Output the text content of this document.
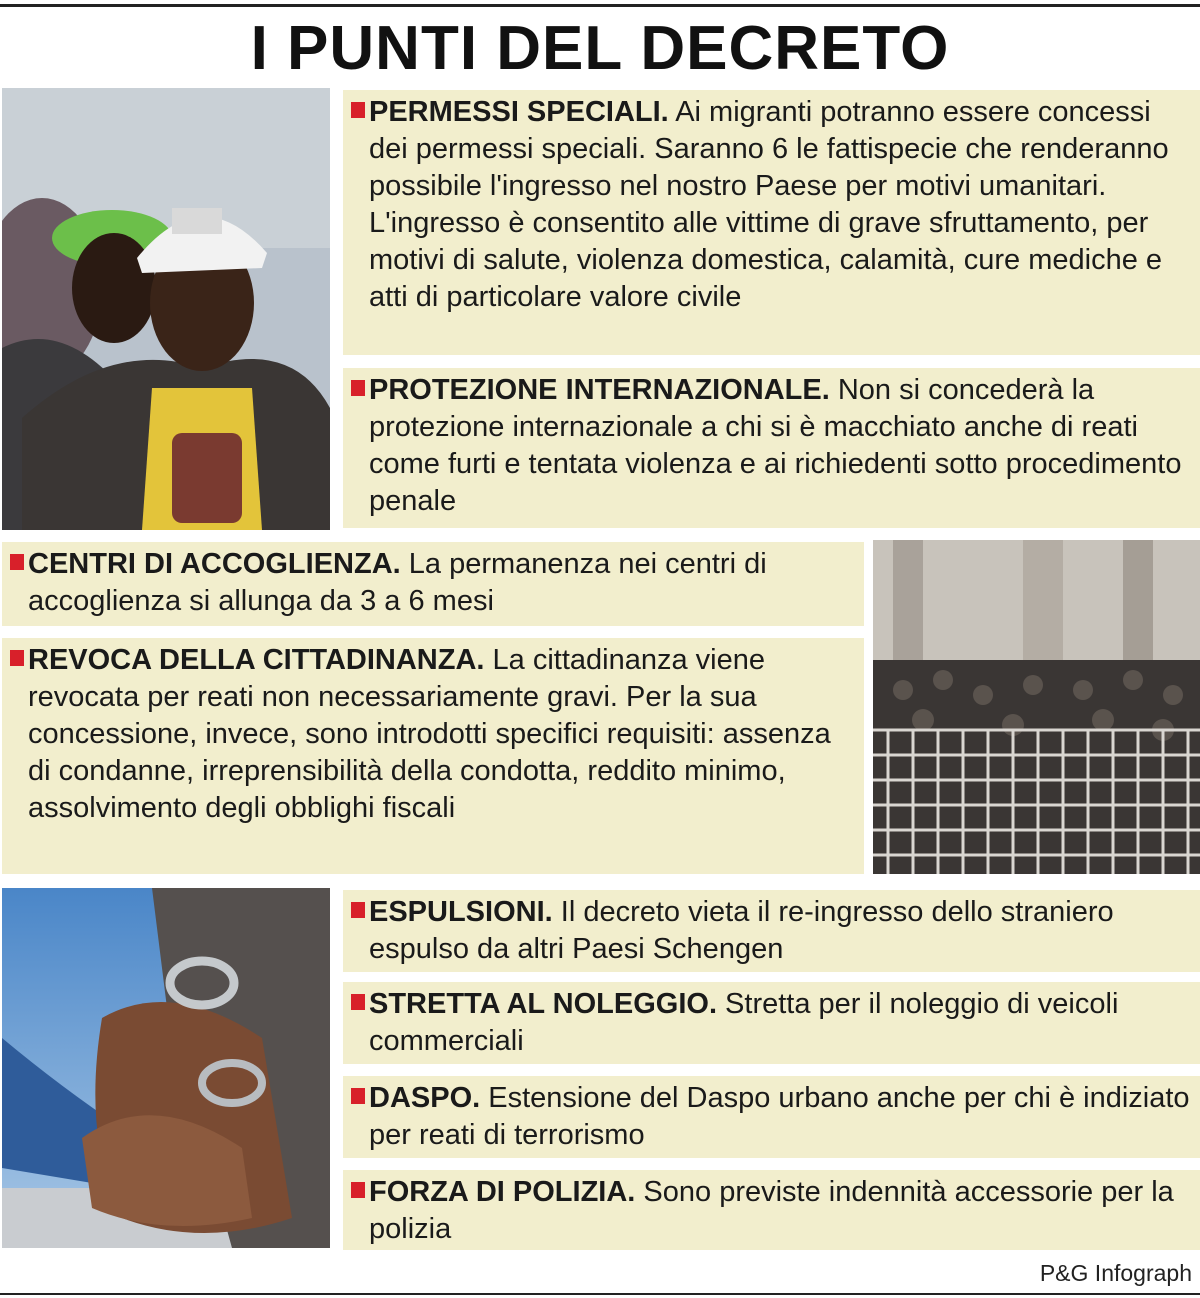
I PUNTI DEL DECRETO
PERMESSI SPECIALI. Ai migranti potranno essere concessi dei permessi speciali. Saranno 6 le fattispecie che renderanno possibile l'ingresso nel nostro Paese per motivi umanitari. L'ingresso è consentito alle vittime di grave sfruttamento, per motivi di salute, violenza domestica, calamità, cure mediche e atti di particolare valore civile
PROTEZIONE INTERNAZIONALE. Non si concederà la protezione internazionale a chi si è macchiato anche di reati come furti e tentata violenza e ai richiedenti sotto procedimento penale
CENTRI DI ACCOGLIENZA. La permanenza nei centri di accoglienza si allunga da 3 a 6 mesi
REVOCA DELLA CITTADINANZA. La cittadinanza viene revocata per reati non necessariamente gravi. Per la sua concessione, invece, sono introdotti specifici requisiti: assenza di condanne, irreprensibilità della condotta, reddito minimo, assolvimento degli obblighi fiscali
ESPULSIONI. Il decreto vieta il re-ingresso dello straniero espulso da altri Paesi Schengen
STRETTA AL NOLEGGIO. Stretta per il noleggio di veicoli commerciali
DASPO. Estensione del Daspo urbano anche per chi è indiziato per reati di terrorismo
FORZA DI POLIZIA. Sono previste indennità accessorie per la polizia
P&G Infograph
